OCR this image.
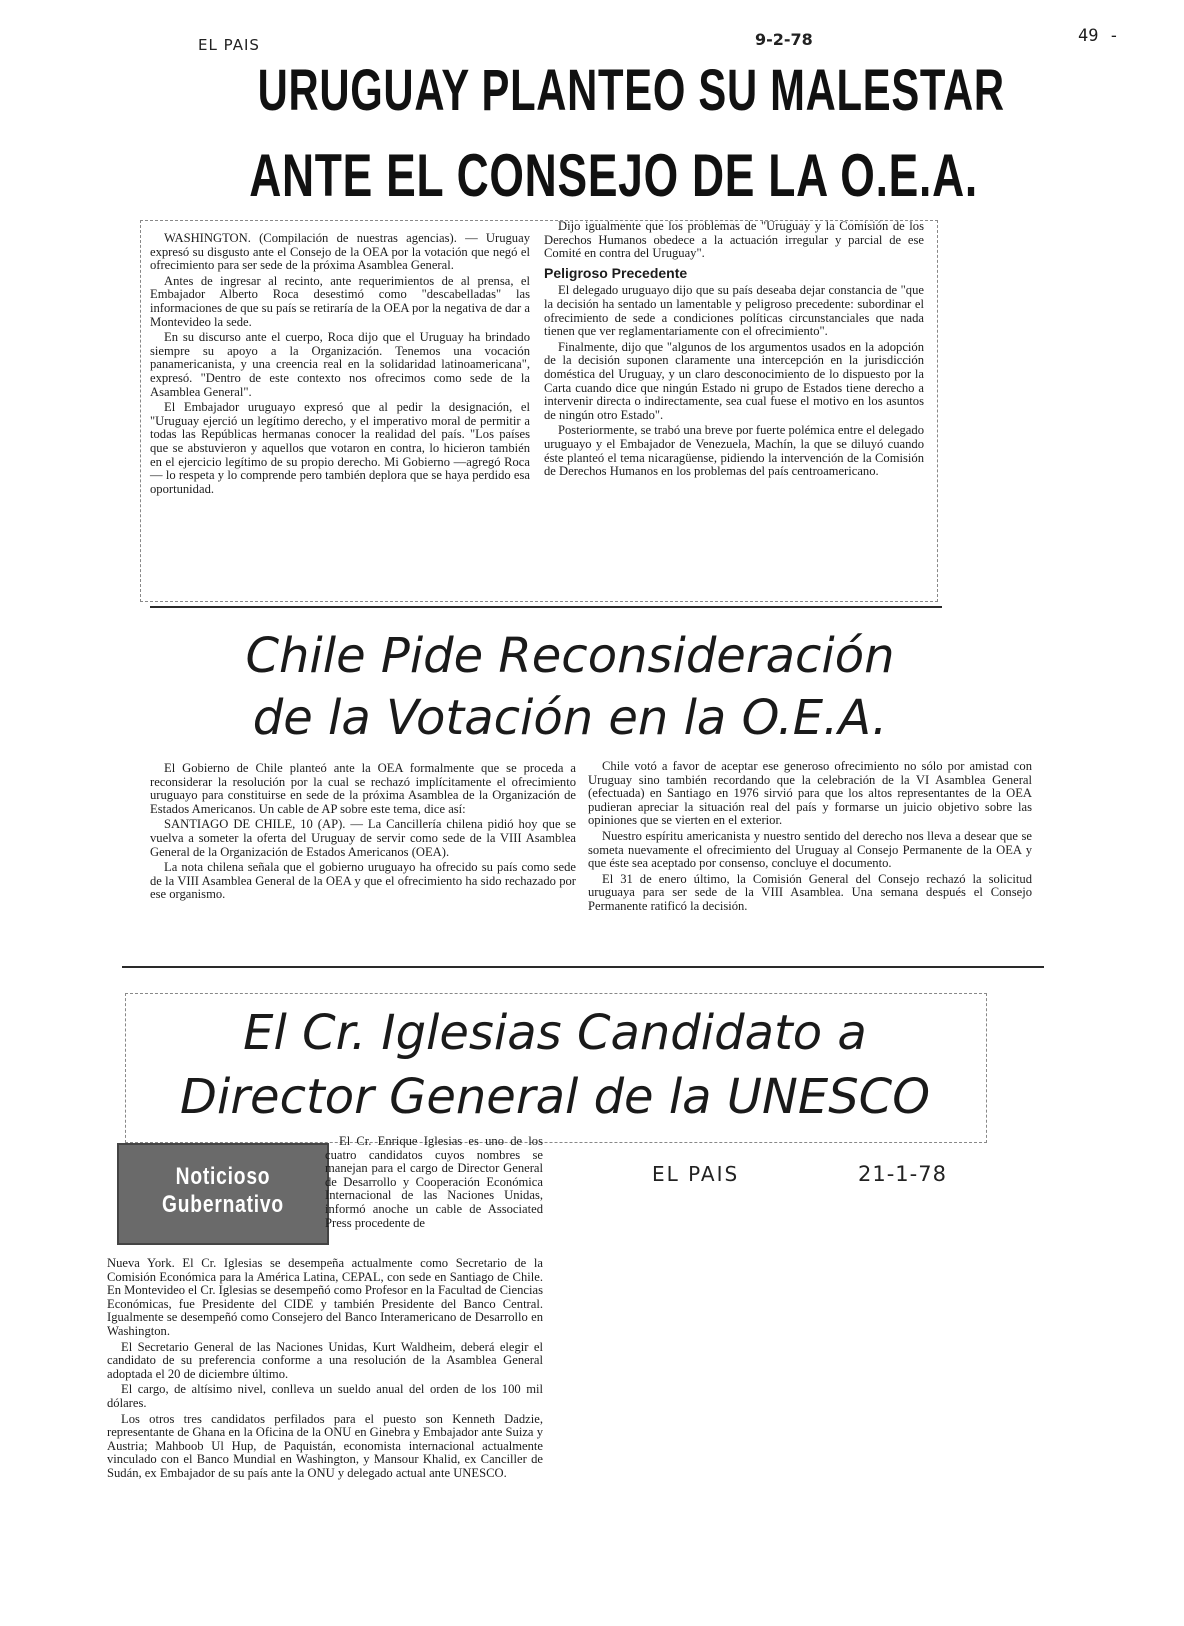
EL PAIS	9-2-78	49 -
URUGUAY PLANTEO SU MALESTAR
ANTE EL CONSEJO DE LA O.E.A.

WASHINGTON. (Compilación de nuestras agencias). — Uruguay expresó su disgusto ante el Consejo de la OEA por la votación que negó el ofrecimiento para ser sede de la próxima Asamblea General.

Antes de ingresar al recinto, ante requerimientos de al prensa, el Embajador Alberto Roca desestimó como "descabelladas" las informaciones de que su país se retiraría de la OEA por la negativa de dar a Montevideo la sede.

En su discurso ante el cuerpo, Roca dijo que el Uruguay ha brindado siempre su apoyo a la Organización. Tenemos una vocación panamericanista, y una creencia real en la solidaridad latinoamericana", expresó. "Dentro de este contexto nos ofrecimos como sede de la Asamblea General".

El Embajador uruguayo expresó que al pedir la designación, el "Uruguay ejerció un legítimo derecho, y el imperativo moral de permitir a todas las Repúblicas hermanas conocer la realidad del país. "Los países que se abstuvieron y aquellos que votaron en contra, lo hicieron también en el ejercicio legítimo de su propio derecho. Mi Gobierno —agregó Roca— lo respeta y lo comprende pero también deplora que se haya perdido esa oportunidad.

Dijo igualmente que los problemas de "Uruguay y la Comisión de los Derechos Humanos obedece a la actuación irregular y parcial de ese Comité en contra del Uruguay".

Peligroso Precedente

El delegado uruguayo dijo que su país deseaba dejar constancia de "que la decisión ha sentado un lamentable y peligroso precedente: subordinar el ofrecimiento de sede a condiciones políticas circunstanciales que nada tienen que ver reglamentariamente con el ofrecimiento".

Finalmente, dijo que "algunos de los argumentos usados en la adopción de la decisión suponen claramente una intercepción en la jurisdicción doméstica del Uruguay, y un claro desconocimiento de lo dispuesto por la Carta cuando dice que ningún Estado ni grupo de Estados tiene derecho a intervenir directa o indirectamente, sea cual fuese el motivo en los asuntos de ningún otro Estado".

Posteriormente, se trabó una breve por fuerte polémica entre el delegado uruguayo y el Embajador de Venezuela, Machín, la que se diluyó cuando éste planteó el tema nicaragüense, pidiendo la intervención de la Comisión de Derechos Humanos en los problemas del país centroamericano.

Chile Pide Reconsideración
de la Votación en la O.E.A.

El Gobierno de Chile planteó ante la OEA formalmente que se proceda a reconsiderar la resolución por la cual se rechazó implícitamente el ofrecimiento uruguayo para constituirse en sede de la próxima Asamblea de la Organización de Estados Americanos. Un cable de AP sobre este tema, dice así:

SANTIAGO DE CHILE, 10 (AP). — La Cancillería chilena pidió hoy que se vuelva a someter la oferta del Uruguay de servir como sede de la VIII Asamblea General de la Organización de Estados Americanos (OEA).

La nota chilena señala que el gobierno uruguayo ha ofrecido su país como sede de la VIII Asamblea General de la OEA y que el ofrecimiento ha sido rechazado por ese organismo.

Chile votó a favor de aceptar ese generoso ofrecimiento no sólo por amistad con Uruguay sino también recordando que la celebración de la VI Asamblea General (efectuada) en Santiago en 1976 sirvió para que los altos representantes de la OEA pudieran apreciar la situación real del país y formarse un juicio objetivo sobre las opiniones que se vierten en el exterior.

Nuestro espíritu americanista y nuestro sentido del derecho nos lleva a desear que se someta nuevamente el ofrecimiento del Uruguay al Consejo Permanente de la OEA y que éste sea aceptado por consenso, concluye el documento.

El 31 de enero último, la Comisión General del Consejo rechazó la solicitud uruguaya para ser sede de la VIII Asamblea. Una semana después el Consejo Permanente ratificó la decisión.

El Cr. Iglesias Candidato a
Director General de la UNESCO
Noticioso
Gubernativo

El Cr. Enrique Iglesias es uno de los cuatro candidatos cuyos nombres se manejan para el cargo de Director General de Desarrollo y Cooperación Económica Internacional de las Naciones Unidas, informó anoche un cable de Associated Press procedente de

Nueva York. El Cr. Iglesias se desempeña actualmente como Secretario de la Comisión Económica para la América Latina, CEPAL, con sede en Santiago de Chile. En Montevideo el Cr. Iglesias se desempeñó como Profesor en la Facultad de Ciencias Económicas, fue Presidente del CIDE y también Presidente del Banco Central. Igualmente se desempeñó como Consejero del Banco Interamericano de Desarrollo en Washington.

El Secretario General de las Naciones Unidas, Kurt Waldheim, deberá elegir el candidato de su preferencia conforme a una resolución de la Asamblea General adoptada el 20 de diciembre último.

El cargo, de altísimo nivel, conlleva un sueldo anual del orden de los 100 mil dólares.

Los otros tres candidatos perfilados para el puesto son Kenneth Dadzie, representante de Ghana en la Oficina de la ONU en Ginebra y Embajador ante Suiza y Austria; Mahboob Ul Hup, de Paquistán, economista internacional actualmente vinculado con el Banco Mundial en Washington, y Mansour Khalid, ex Canciller de Sudán, ex Embajador de su país ante la ONU y delegado actual ante UNESCO.

EL PAIS	21-1-78
